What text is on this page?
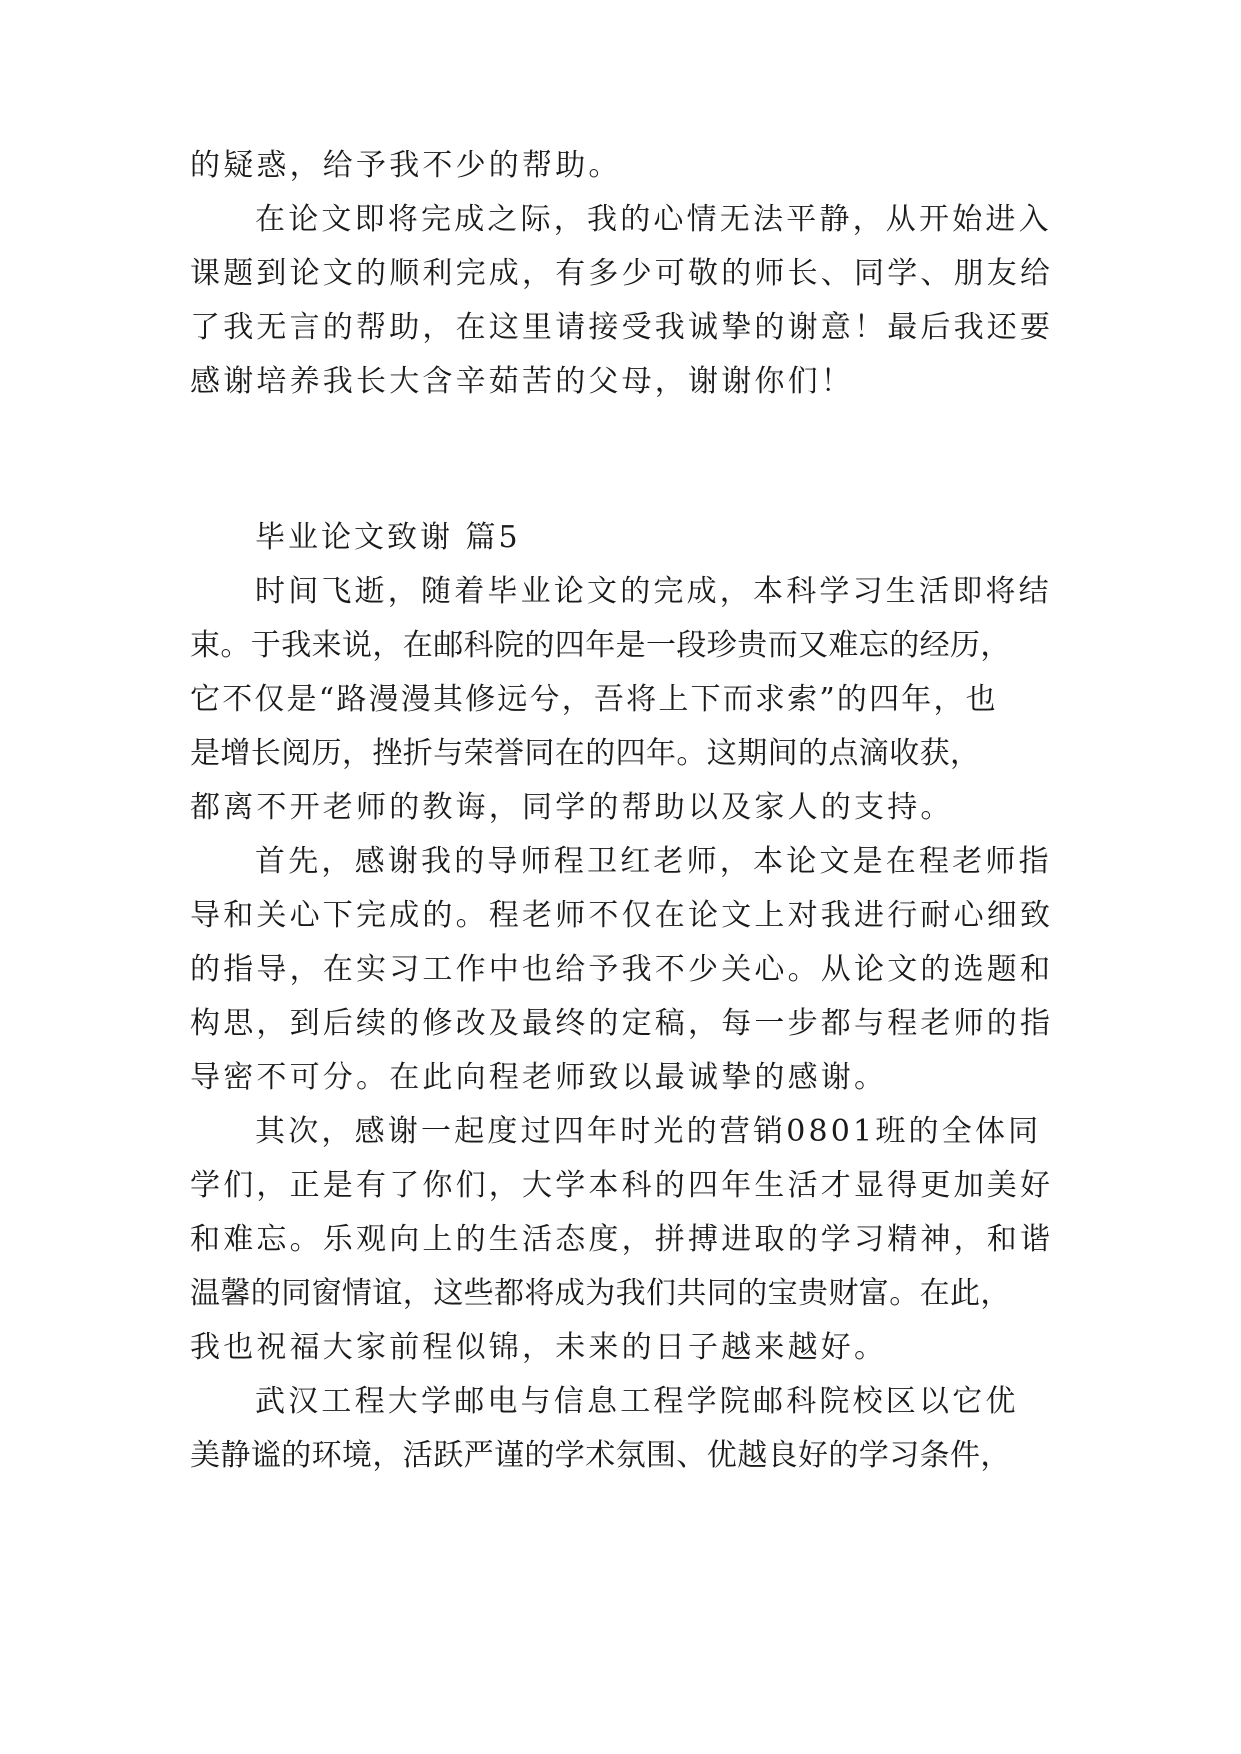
的疑惑，给予我不少的帮助。

在论文即将完成之际，我的心情无法平静，从开始进入

课题到论文的顺利完成，有多少可敬的师长、同学、朋友给

了我无言的帮助，在这里请接受我诚挚的谢意！最后我还要

感谢培养我长大含辛茹苦的父母，谢谢你们！

毕业论文致谢 篇5

时间飞逝，随着毕业论文的完成，本科学习生活即将结

束。于我来说，在邮科院的四年是一段珍贵而又难忘的经历，

它不仅是“路漫漫其修远兮，吾将上下而求索”的四年，也

是增长阅历，挫折与荣誉同在的四年。这期间的点滴收获，

都离不开老师的教诲，同学的帮助以及家人的支持。

首先，感谢我的导师程卫红老师，本论文是在程老师指

导和关心下完成的。程老师不仅在论文上对我进行耐心细致

的指导，在实习工作中也给予我不少关心。从论文的选题和

构思，到后续的修改及最终的定稿，每一步都与程老师的指

导密不可分。在此向程老师致以最诚挚的感谢。

其次，感谢一起度过四年时光的营销0801班的全体同

学们，正是有了你们，大学本科的四年生活才显得更加美好

和难忘。乐观向上的生活态度，拼搏进取的学习精神，和谐

温馨的同窗情谊，这些都将成为我们共同的宝贵财富。在此，

我也祝福大家前程似锦，未来的日子越来越好。

武汉工程大学邮电与信息工程学院邮科院校区以它优

美静谧的环境，活跃严谨的学术氛围、优越良好的学习条件，
